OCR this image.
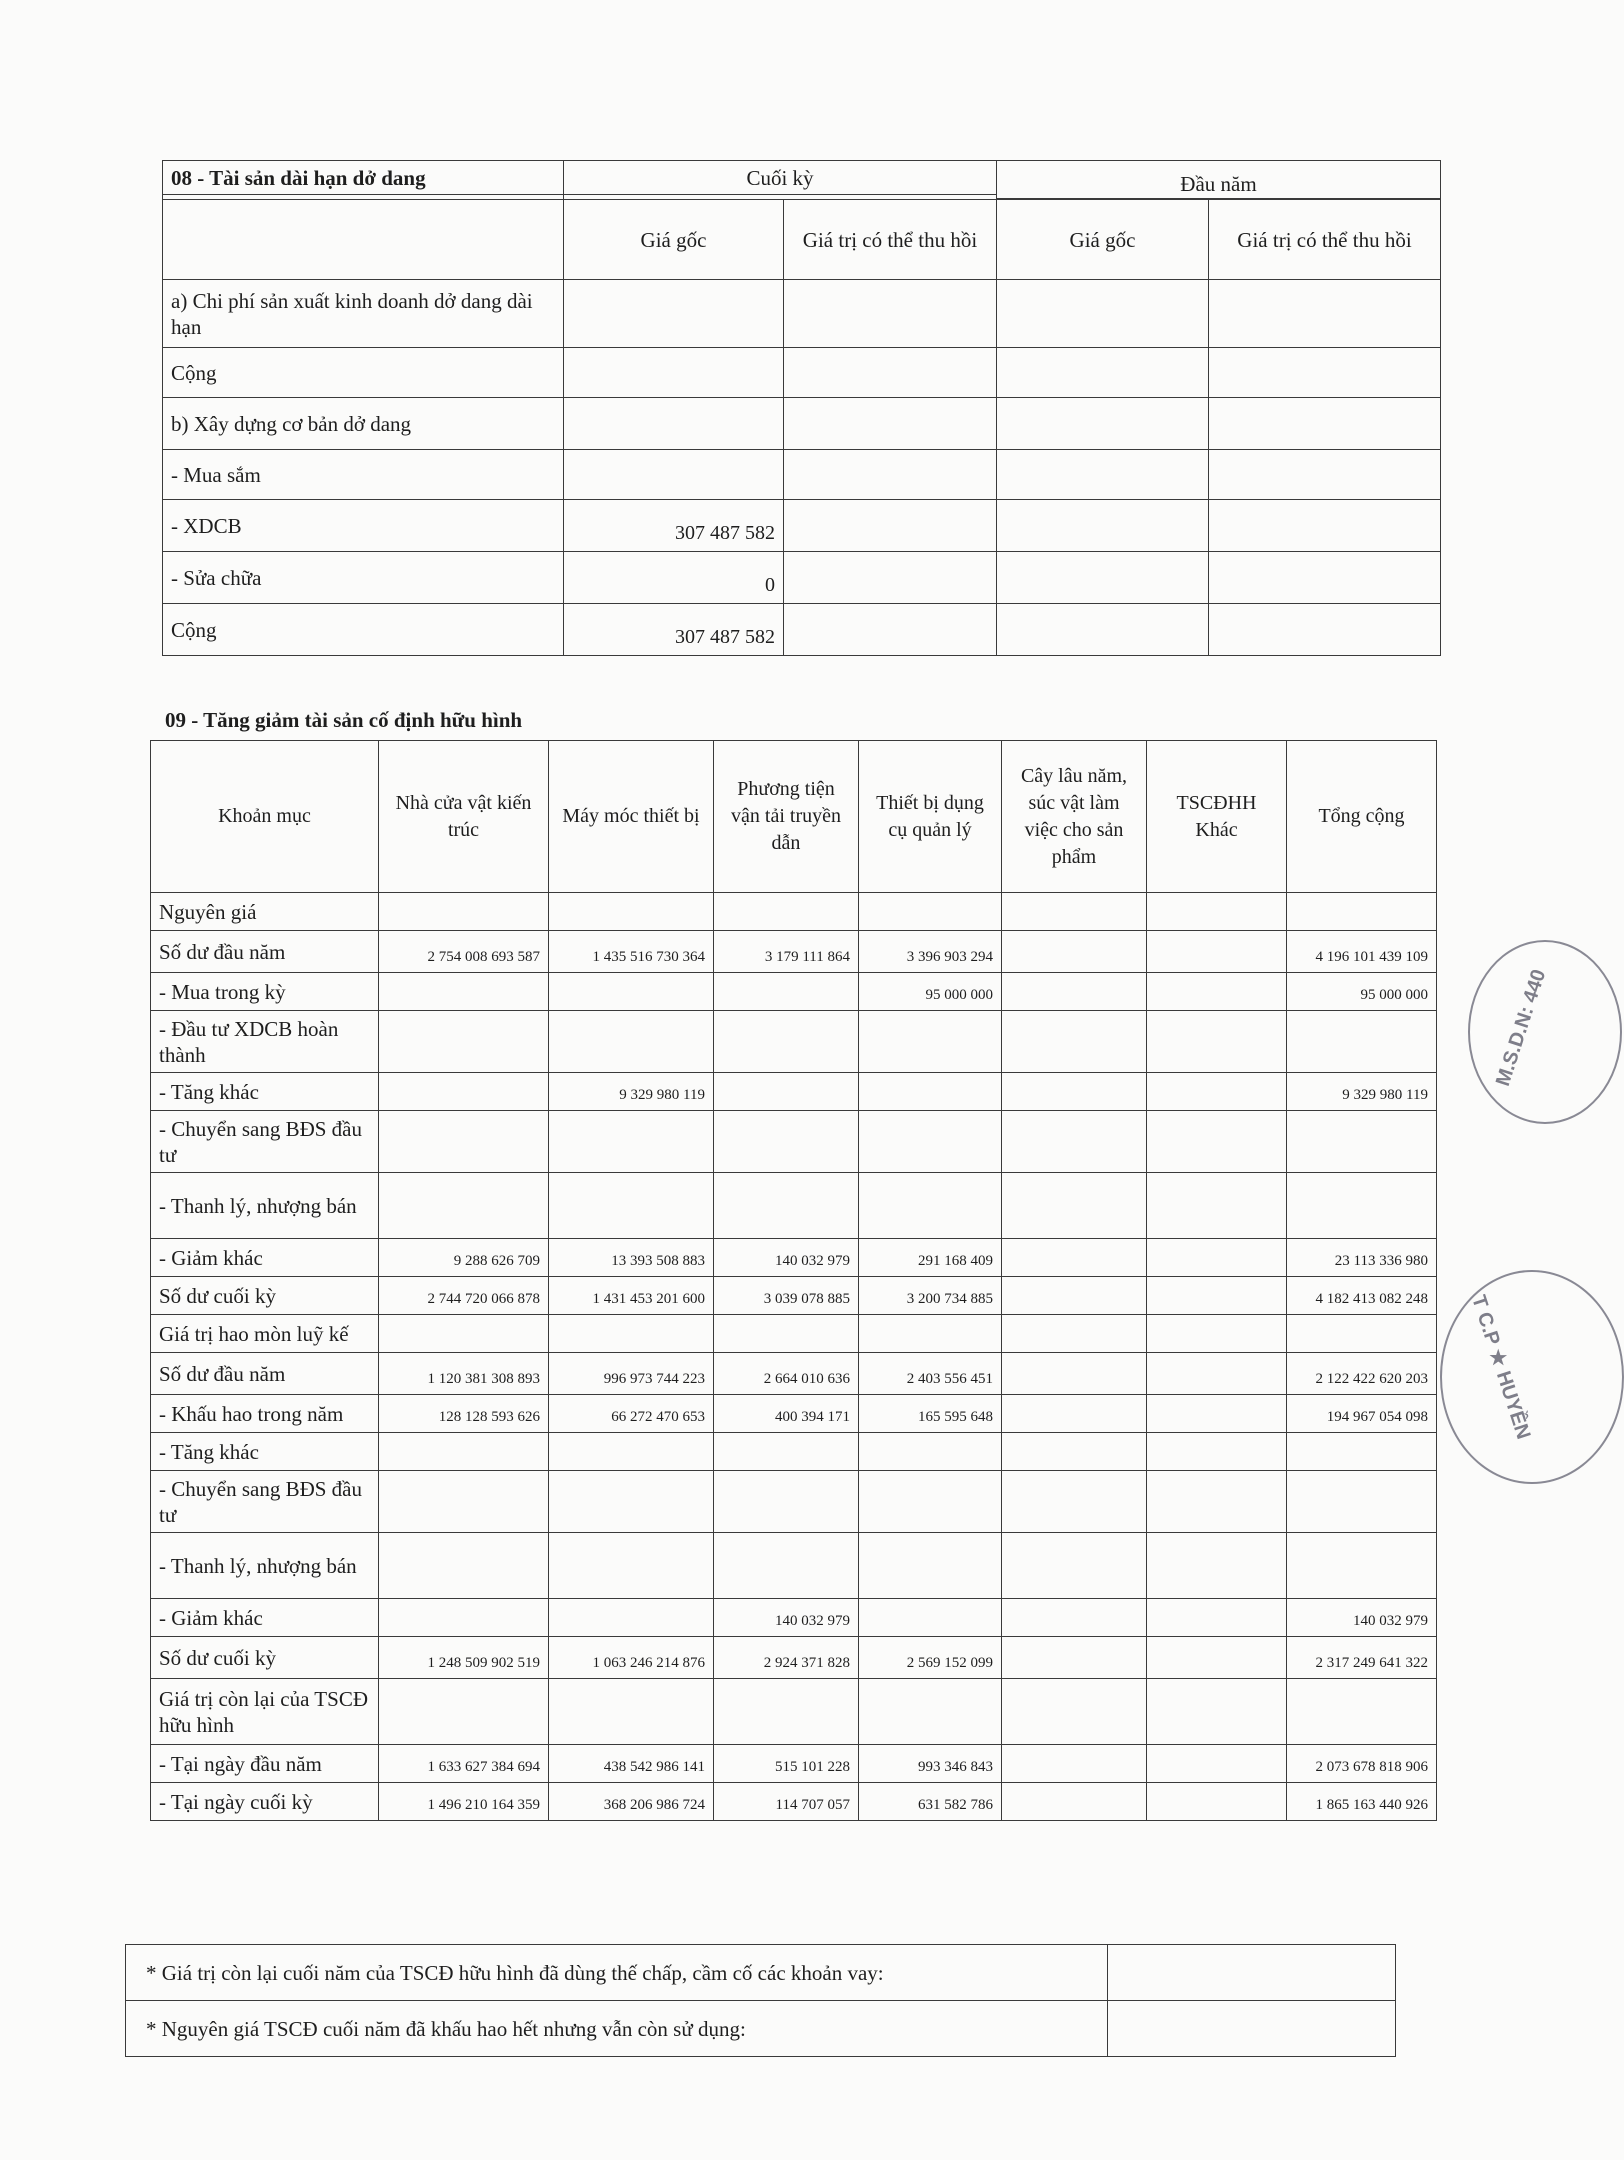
08 - Tài sản dài hạn dở dang	Cuối kỳ		Đầu năm	

	Giá gốc	Giá trị có thể thu hồi	Giá gốc	Giá trị có thể thu hồi
a) Chi phí sản xuất kinh doanh dở dang dài hạn				
Cộng				
b) Xây dựng cơ bản dở dang				
- Mua sắm				
- XDCB	307 487 582			
- Sửa chữa	0			
Cộng	307 487 582			
09 - Tăng giảm tài sản cố định hữu hình
Khoản mục	Nhà cửa vật kiến trúc	Máy móc thiết bị	Phương tiện vận tải truyền dẫn	Thiết bị dụng cụ quản lý	Cây lâu năm, súc vật làm việc cho sản phẩm	TSCĐHH Khác	Tổng cộng
Nguyên giá							
Số dư đầu năm	2 754 008 693 587	1 435 516 730 364	3 179 111 864	3 396 903 294			4 196 101 439 109
- Mua trong kỳ				95 000 000			95 000 000
- Đầu tư XDCB hoàn thành							
- Tăng khác		9 329 980 119					9 329 980 119
- Chuyển sang BĐS đầu tư							
- Thanh lý, nhượng bán							
- Giảm khác	9 288 626 709	13 393 508 883	140 032 979	291 168 409			23 113 336 980
Số dư cuối kỳ	2 744 720 066 878	1 431 453 201 600	3 039 078 885	3 200 734 885			4 182 413 082 248
Giá trị hao mòn luỹ kế							
Số dư đầu năm	1 120 381 308 893	996 973 744 223	2 664 010 636	2 403 556 451			2 122 422 620 203
- Khấu hao trong năm	128 128 593 626	66 272 470 653	400 394 171	165 595 648			194 967 054 098
- Tăng khác							
- Chuyển sang BĐS đầu tư							
- Thanh lý, nhượng bán							
- Giảm khác			140 032 979				140 032 979
Số dư cuối kỳ	1 248 509 902 519	1 063 246 214 876	2 924 371 828	2 569 152 099			2 317 249 641 322
Giá trị còn lại của TSCĐ hữu hình							
- Tại ngày đầu năm	1 633 627 384 694	438 542 986 141	515 101 228	993 346 843			2 073 678 818 906
- Tại ngày cuối kỳ	1 496 210 164 359	368 206 986 724	114 707 057	631 582 786			1 865 163 440 926
* Giá trị còn lại cuối năm của TSCĐ hữu hình đã dùng thế chấp, cầm cố các khoản vay:	
* Nguyên giá TSCĐ cuối năm đã khấu hao hết nhưng vẫn còn sử dụng:	
M.S.D.N: 440
T C.P ★ HUYỀN
